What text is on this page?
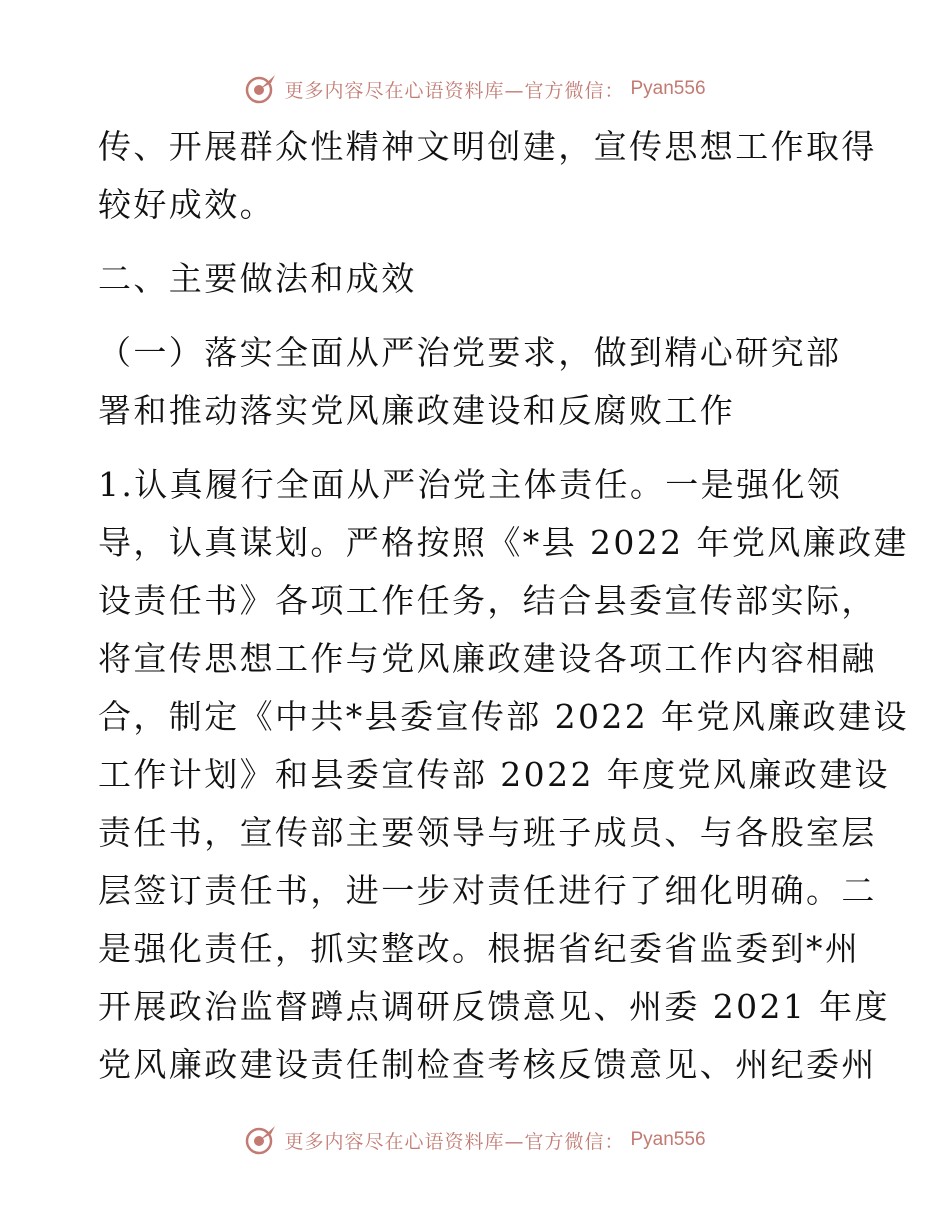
更多内容尽在心语资料库—官方微信： Pyan556
传、开展群众性精神文明创建，宣传思想工作取得
较好成效。
二、主要做法和成效
（一）落实全面从严治党要求，做到精心研究部
署和推动落实党风廉政建设和反腐败工作
1.认真履行全面从严治党主体责任。一是强化领
导，认真谋划。严格按照《*县 2022 年党风廉政建
设责任书》各项工作任务，结合县委宣传部实际，
将宣传思想工作与党风廉政建设各项工作内容相融
合，制定《中共*县委宣传部 2022 年党风廉政建设
工作计划》和县委宣传部 2022 年度党风廉政建设
责任书，宣传部主要领导与班子成员、与各股室层
层签订责任书，进一步对责任进行了细化明确。二
是强化责任，抓实整改。根据省纪委省监委到*州
开展政治监督蹲点调研反馈意见、州委 2021 年度
党风廉政建设责任制检查考核反馈意见、州纪委州
更多内容尽在心语资料库—官方微信： Pyan556
